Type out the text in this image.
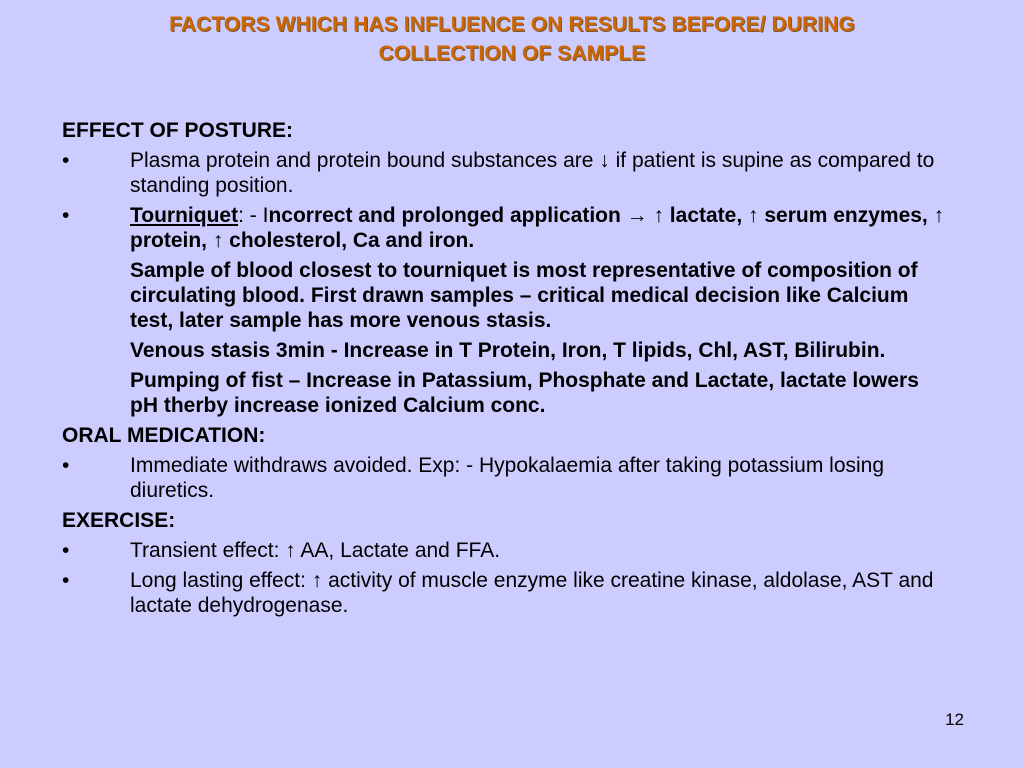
FACTORS WHICH HAS INFLUENCE ON RESULTS BEFORE/ DURING
COLLECTION OF SAMPLE
EFFECT OF POSTURE:
•	Plasma protein and protein bound substances are ↓ if patient is supine as compared to standing position.
•	Tourniquet: - Incorrect and prolonged application → ↑ lactate, ↑ serum enzymes, ↑ protein, ↑ cholesterol, Ca and iron.
Sample of blood closest to tourniquet is most representative of composition of circulating blood. First drawn samples – critical medical decision like Calcium test, later sample has more venous stasis.
Venous stasis 3min - Increase in T Protein, Iron, T lipids, Chl, AST, Bilirubin.
Pumping of fist – Increase in Patassium, Phosphate and Lactate, lactate lowers pH therby increase ionized Calcium conc.
ORAL MEDICATION:
•	Immediate withdraws avoided. Exp: - Hypokalaemia after taking potassium losing diuretics.
EXERCISE:
•	Transient effect: ↑ AA, Lactate and FFA.
•	Long lasting effect: ↑ activity of muscle enzyme like creatine kinase, aldolase, AST and lactate dehydrogenase.
12
